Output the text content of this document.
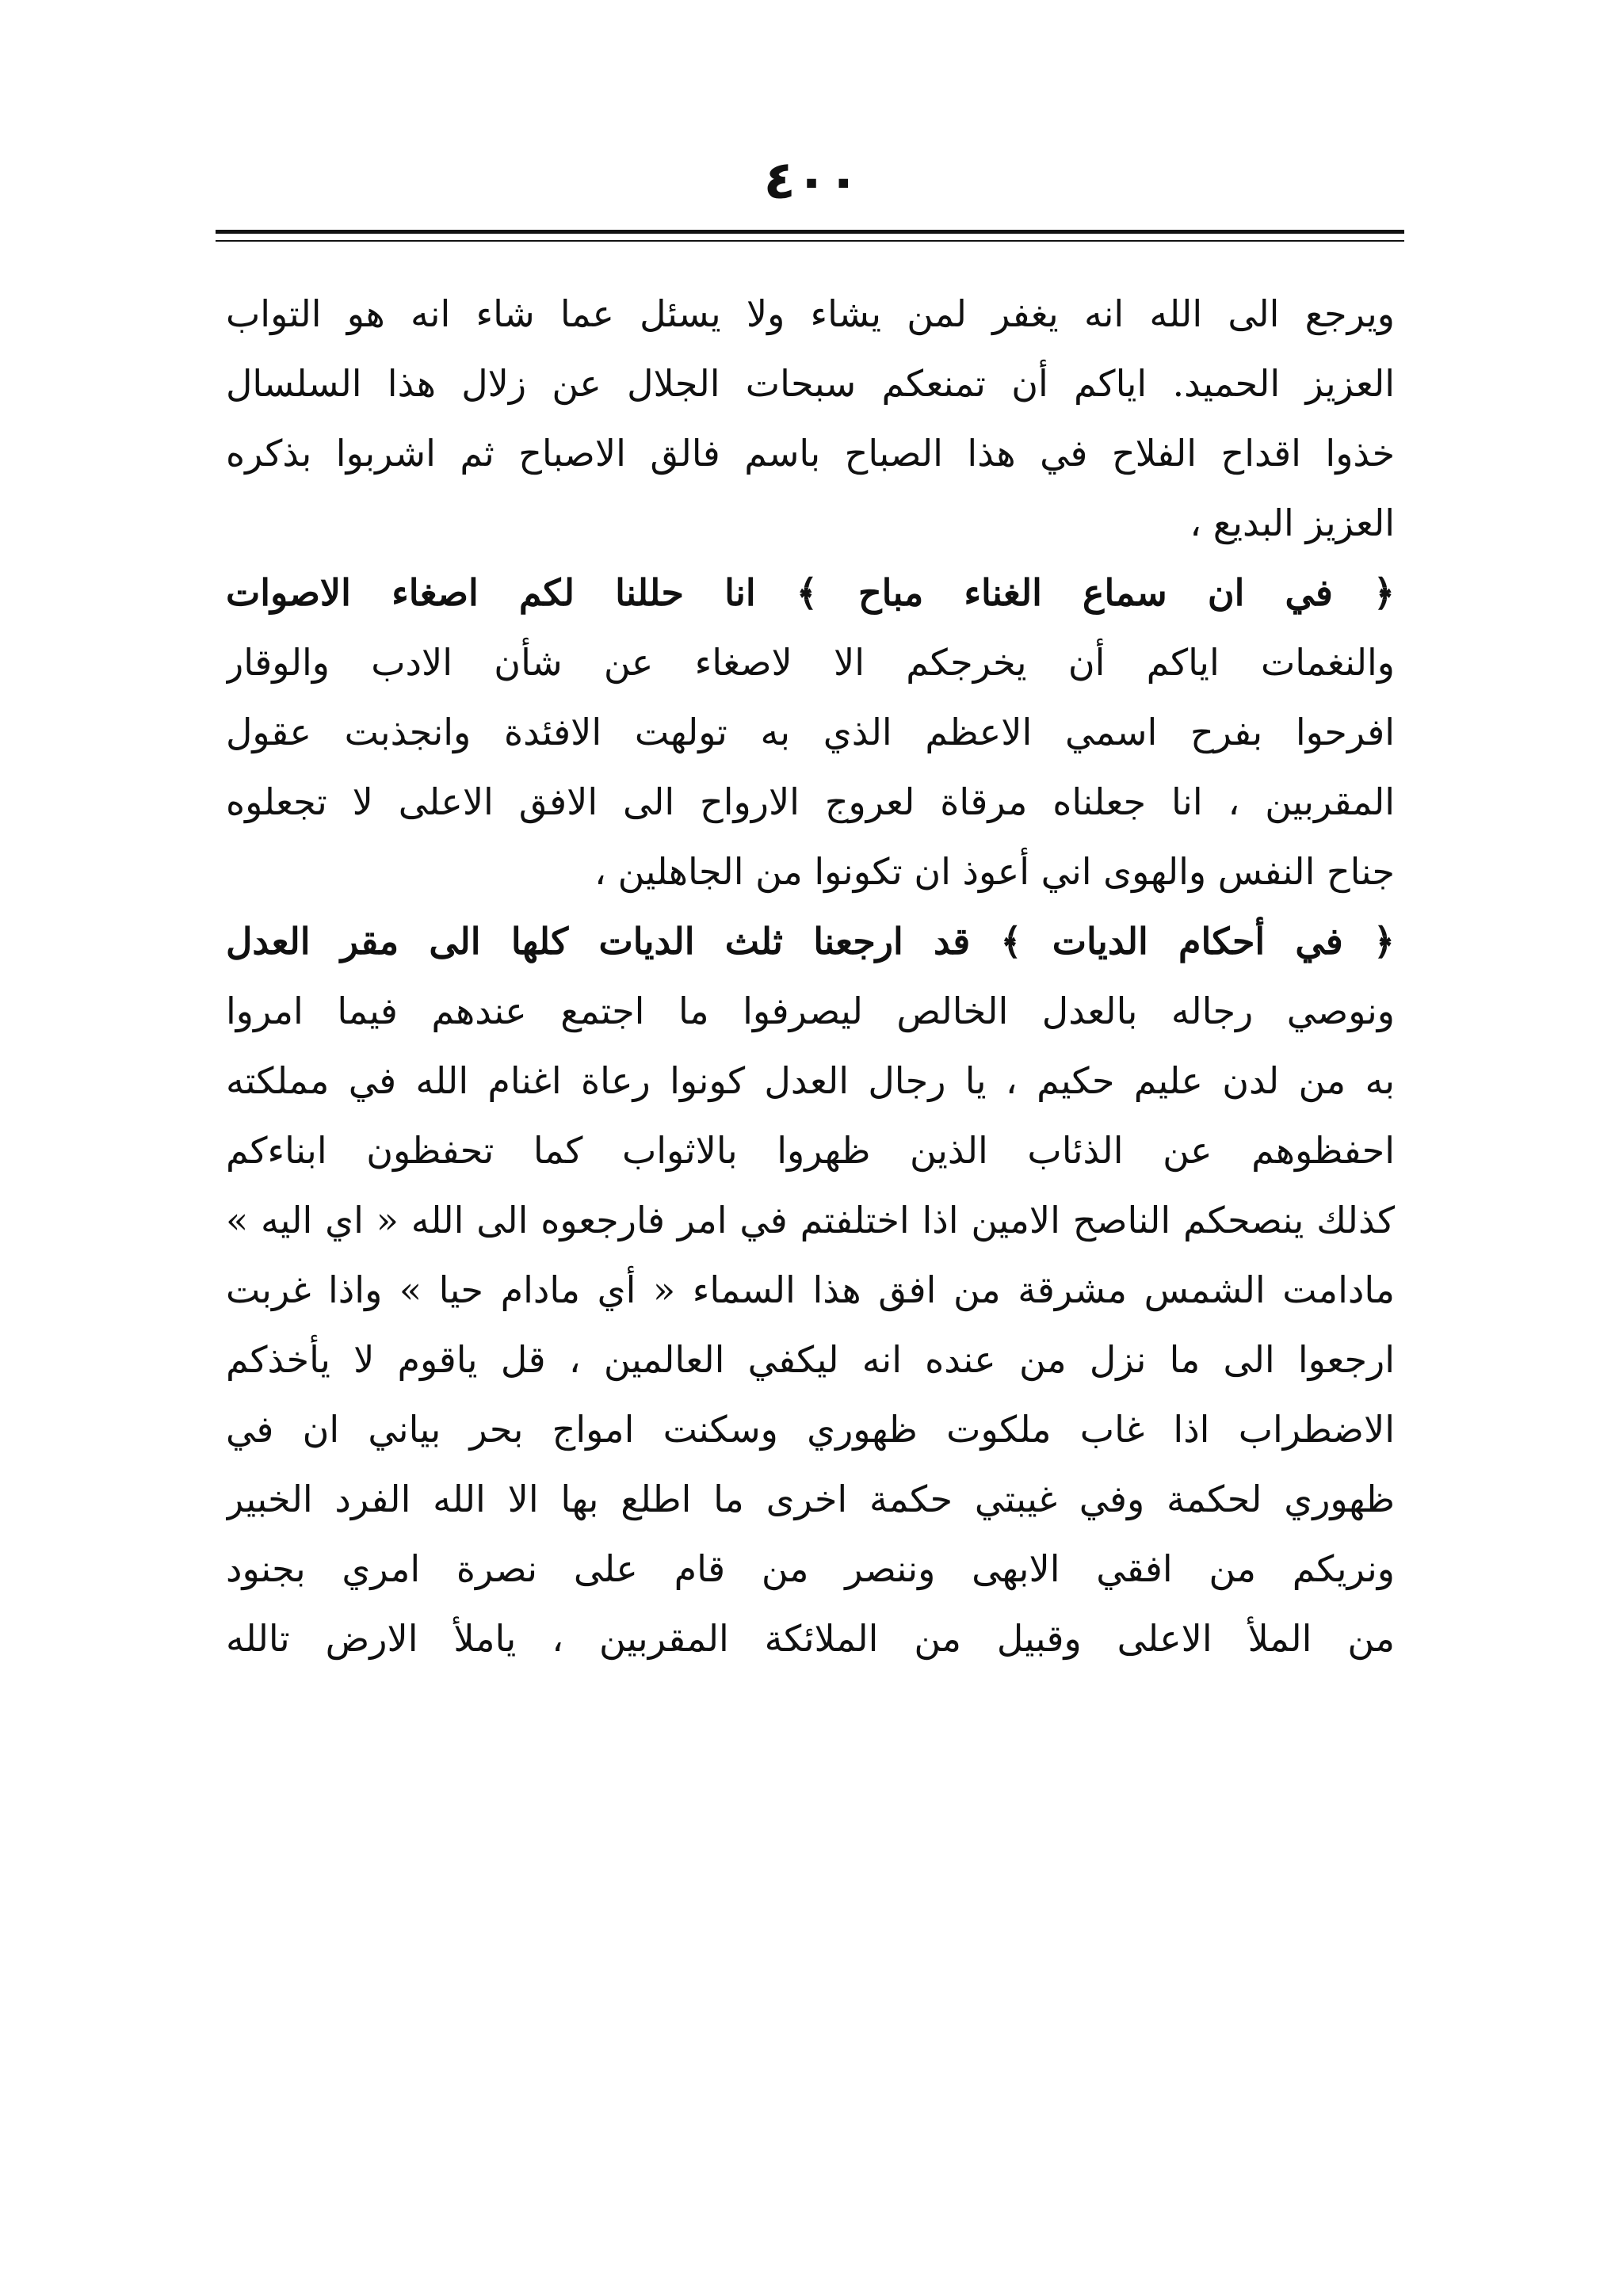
٤٠٠
ويرجع الى الله انه يغفر لمن يشاء ولا يسئل عما شاء انه هو التواب
العزيز الحميد. اياكم أن تمنعكم سبحات الجلال عن زلال هذا السلسال
خذوا اقداح الفلاح في هذا الصباح باسم فالق الاصباح ثم اشربوا بذكره
العزيز البديع ،
﴿ في ان سماع الغناء مباح ﴾ انا حللنا لكم اصغاء الاصوات
والنغمات اياكم أن يخرجكم الا لاصغاء عن شأن الادب والوقار
افرحوا بفرح اسمي الاعظم الذي به تولهت الافئدة وانجذبت عقول
المقربين ، انا جعلناه مرقاة لعروج الارواح الى الافق الاعلى لا تجعلوه
جناح النفس والهوى اني أعوذ ان تكونوا من الجاهلين ،
﴿ في أحكام الديات ﴾ قد ارجعنا ثلث الديات كلها الى مقر العدل
ونوصي رجاله بالعدل الخالص ليصرفوا ما اجتمع عندهم فيما امروا
به من لدن عليم حكيم ، يا رجال العدل كونوا رعاة اغنام الله في مملكته
احفظوهم عن الذئاب الذين ظهروا بالاثواب كما تحفظون ابناءكم
كذلك ينصحكم الناصح الامين اذا اختلفتم في امر فارجعوه الى الله « اي اليه »
مادامت الشمس مشرقة من افق هذا السماء « أي مادام حيا » واذا غربت
ارجعوا الى ما نزل من عنده انه ليكفي العالمين ، قل ياقوم لا يأخذكم
الاضطراب اذا غاب ملكوت ظهوري وسكنت امواج بحر بياني ان في
ظهوري لحكمة وفي غيبتي حكمة اخرى ما اطلع بها الا الله الفرد الخبير
ونريكم من افقي الابهى وننصر من قام على نصرة امري بجنود
من الملأ الاعلى وقبيل من الملائكة المقربين ، ياملأ الارض تالله
